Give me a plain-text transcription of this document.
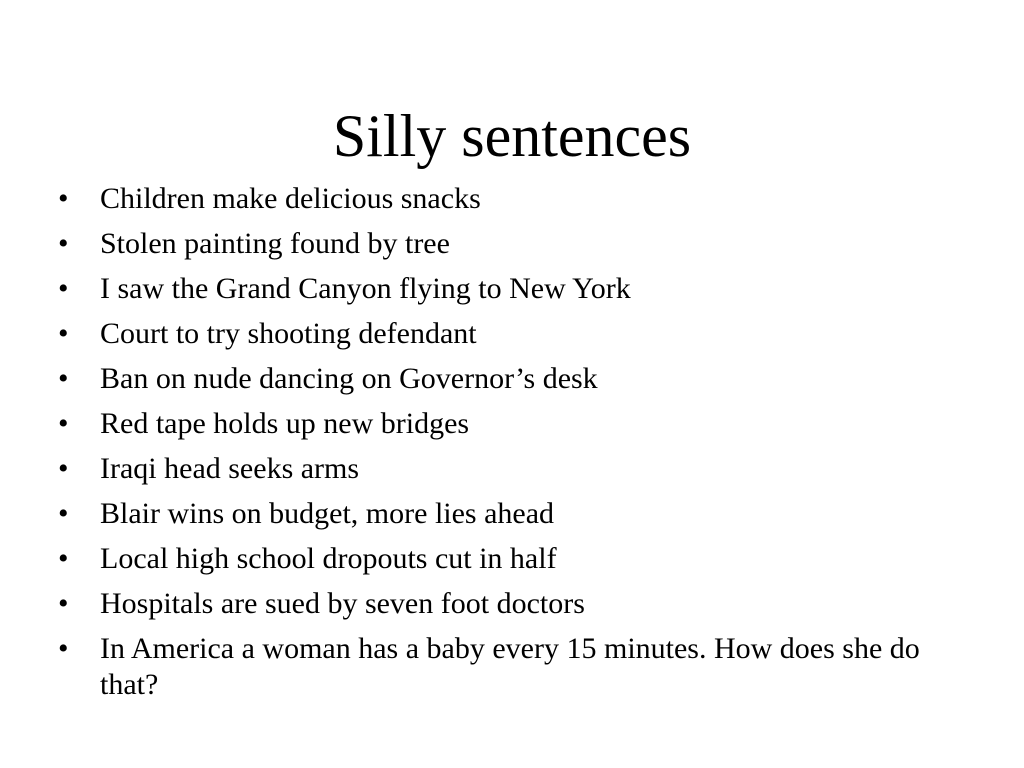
Silly sentences
•	Children make delicious snacks
•	Stolen painting found by tree
•	I saw the Grand Canyon flying to New York
•	Court to try shooting defendant
•	Ban on nude dancing on Governor’s desk
•	Red tape holds up new bridges
•	Iraqi head seeks arms
•	Blair wins on budget, more lies ahead
•	Local high school dropouts cut in half
•	Hospitals are sued by seven foot doctors
•	In America a woman has a baby every 15 minutes. How does she do that?
